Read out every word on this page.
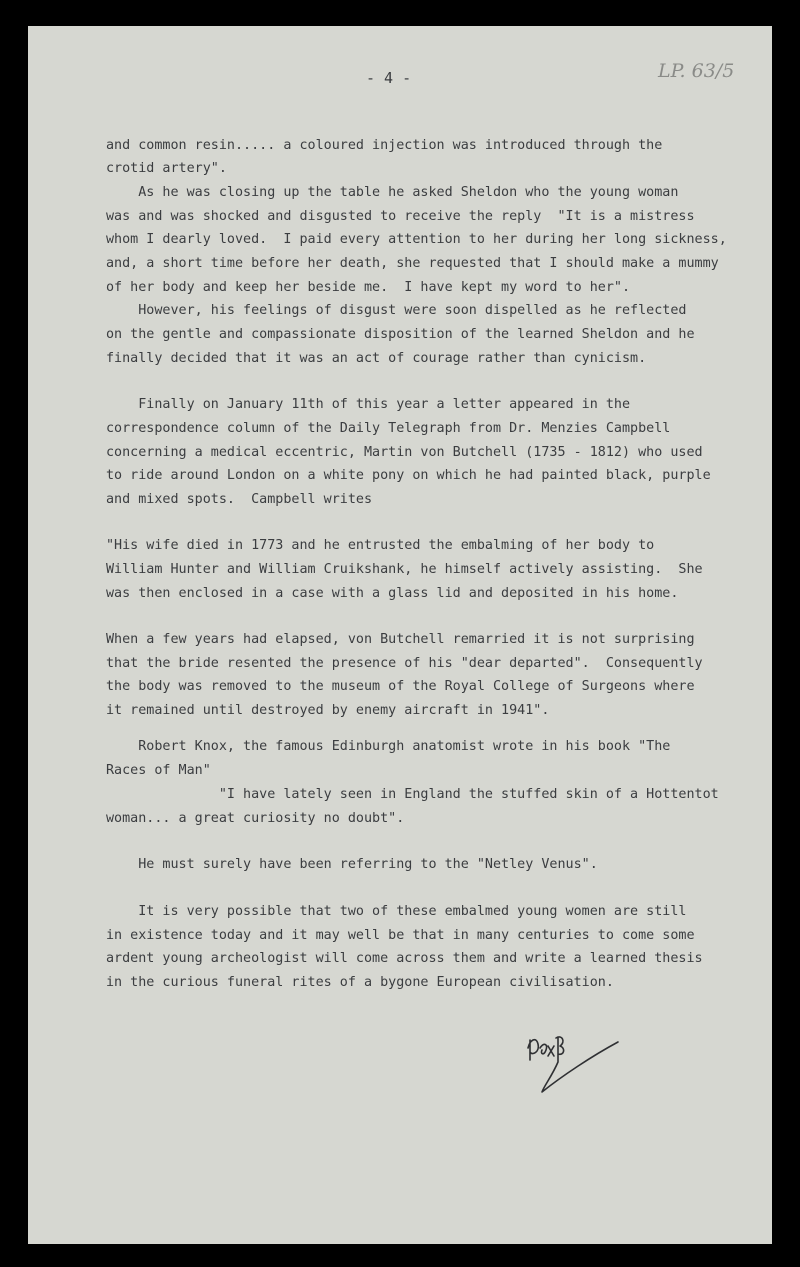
- 4 -	LP. 63/5
and common resin..... a coloured injection was introduced through the
crotid artery".
As he was closing up the table he asked Sheldon who the young woman
was and was shocked and disgusted to receive the reply  "It is a mistress
whom I dearly loved.  I paid every attention to her during her long sickness,
and, a short time before her death, she requested that I should make a mummy
of her body and keep her beside me.  I have kept my word to her".
However, his feelings of disgust were soon dispelled as he reflected
on the gentle and compassionate disposition of the learned Sheldon and he
finally decided that it was an act of courage rather than cynicism.
Finally on January 11th of this year a letter appeared in the
correspondence column of the Daily Telegraph from Dr. Menzies Campbell
concerning a medical eccentric, Martin von Butchell (1735 - 1812) who used
to ride around London on a white pony on which he had painted black, purple
and mixed spots.  Campbell writes
"His wife died in 1773 and he entrusted the embalming of her body to
William Hunter and William Cruikshank, he himself actively assisting.  She
was then enclosed in a case with a glass lid and deposited in his home.
When a few years had elapsed, von Butchell remarried it is not surprising
that the bride resented the presence of his "dear departed".  Consequently
the body was removed to the museum of the Royal College of Surgeons where
it remained until destroyed by enemy aircraft in 1941".
Robert Knox, the famous Edinburgh anatomist wrote in his book "The
Races of Man"
"I have lately seen in England the stuffed skin of a Hottentot
woman... a great curiosity no doubt".
He must surely have been referring to the "Netley Venus".
It is very possible that two of these embalmed young women are still
in existence today and it may well be that in many centuries to come some
ardent young archeologist will come across them and write a learned thesis
in the curious funeral rites of a bygone European civilisation.
